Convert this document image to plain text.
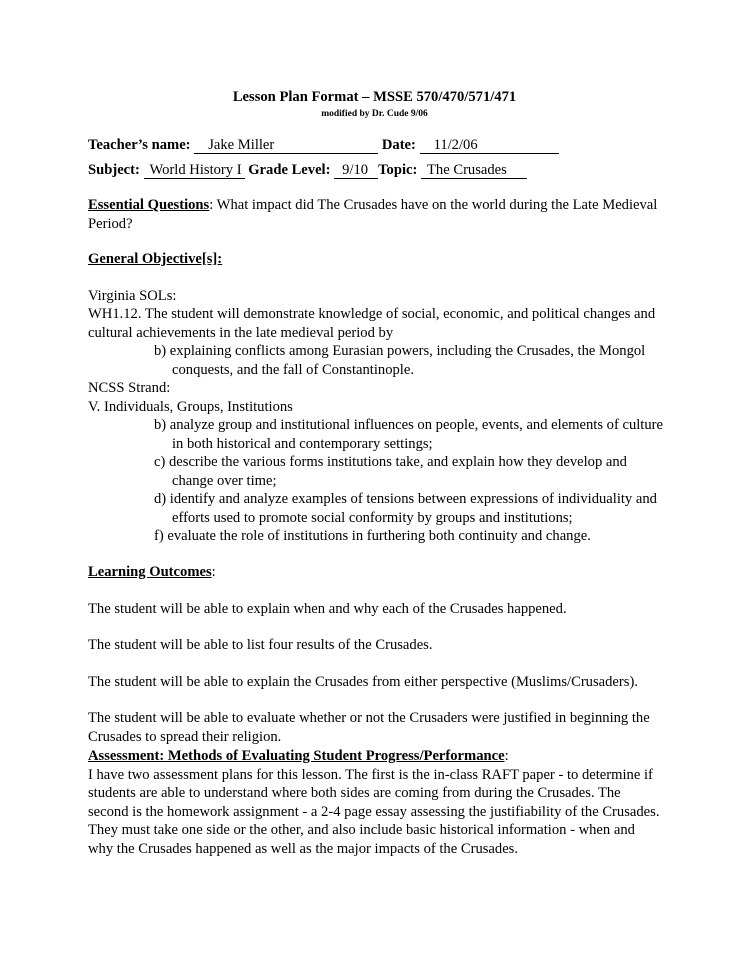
Lesson Plan Format – MSSE 570/470/571/471
modified by Dr. Cude 9/06
Teacher’s name: Jake Miller	Date: 11/2/06
Subject: World History I Grade Level: 9/10 Topic: The Crusades
Essential Questions: What impact did The Crusades have on the world during the Late Medieval Period?

General Objective[s]:

Virginia SOLs:

WH1.12. The student will demonstrate knowledge of social, economic, and political changes and cultural achievements in the late medieval period by

b) explaining conflicts among Eurasian powers, including the Crusades, the Mongol conquests, and the fall of Constantinople.

NCSS Strand:

V. Individuals, Groups, Institutions

b) analyze group and institutional influences on people, events, and elements of culture in both historical and contemporary settings;

c) describe the various forms institutions take, and explain how they develop and change over time;

d) identify and analyze examples of tensions between expressions of individuality and efforts used to promote social conformity by groups and institutions;

f) evaluate the role of institutions in furthering both continuity and change.

Learning Outcomes:

The student will be able to explain when and why each of the Crusades happened.

The student will be able to list four results of the Crusades.

The student will be able to explain the Crusades from either perspective (Muslims/Crusaders).

The student will be able to evaluate whether or not the Crusaders were justified in beginning the Crusades to spread their religion.

Assessment: Methods of Evaluating Student Progress/Performance:

I have two assessment plans for this lesson. The first is the in-class RAFT paper - to determine if students are able to understand where both sides are coming from during the Crusades. The second is the homework assignment - a 2-4 page essay assessing the justifiability of the Crusades. They must take one side or the other, and also include basic historical information - when and why the Crusades happened as well as the major impacts of the Crusades.
